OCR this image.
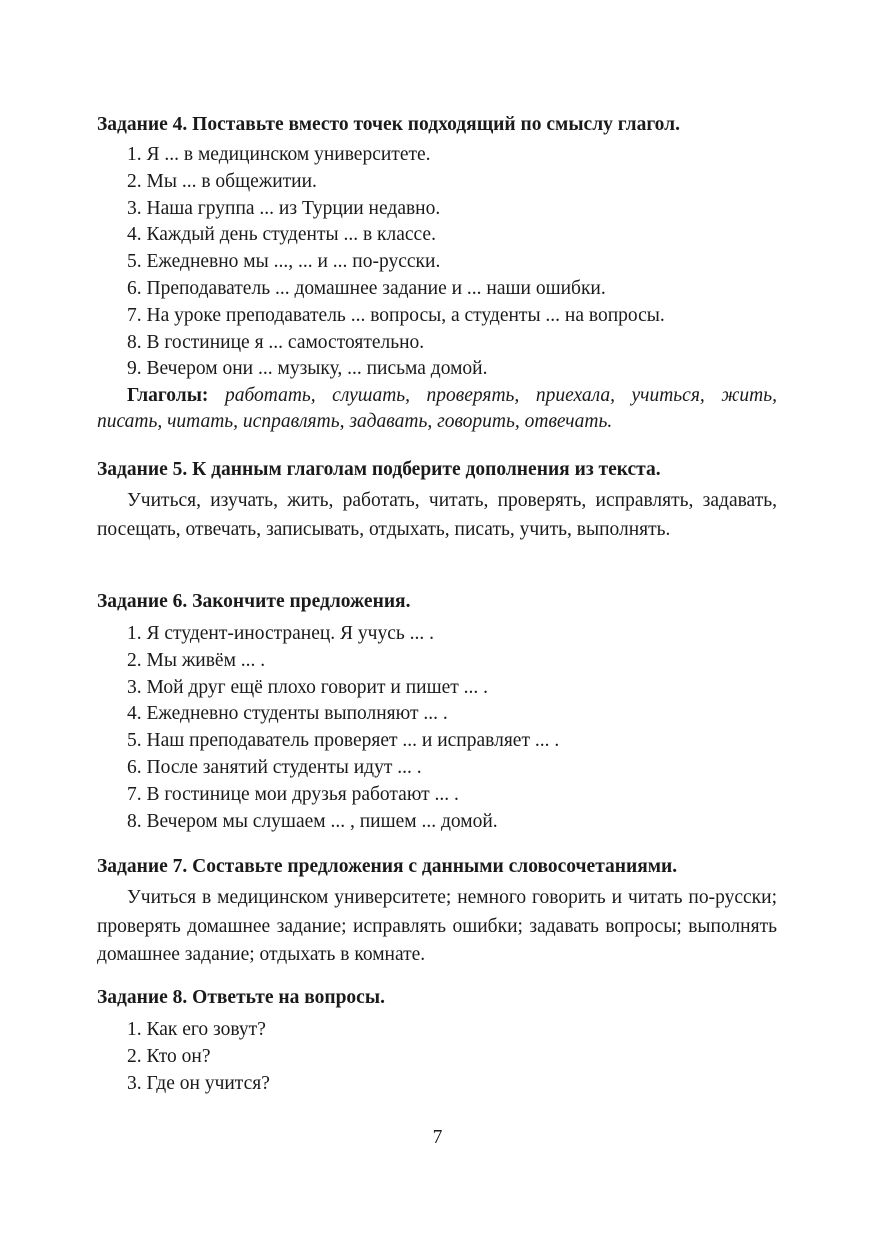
Задание 4. Поставьте вместо точек подходящий по смыслу глагол.

1. Я ... в медицинском университете.
2. Мы ... в общежитии.
3. Наша группа ... из Турции недавно.
4. Каждый день студенты ... в классе.
5. Ежедневно мы ..., ... и ... по-русски.
6. Преподаватель ... домашнее задание и ... наши ошибки.
7. На уроке преподаватель ... вопросы, а студенты ... на вопросы.
8. В гостинице я ... самостоятельно.
9. Вечером они ... музыку, ... письма домой.

Глаголы: работать, слушать, проверять, приехала, учиться, жить, писать, читать, исправлять, задавать, говорить, отвечать.

Задание 5. К данным глаголам подберите дополнения из текста.

Учиться, изучать, жить, работать, читать, проверять, исправлять, задавать, посещать, отвечать, записывать, отдыхать, писать, учить, выполнять.

Задание 6. Закончите предложения.

1. Я студент-иностранец. Я учусь ... .
2. Мы живём ... .
3. Мой друг ещё плохо говорит и пишет ... .
4. Ежедневно студенты выполняют ... .
5. Наш преподаватель проверяет ... и исправляет ... .
6. После занятий студенты идут ... .
7. В гостинице мои друзья работают ... .
8. Вечером мы слушаем ... , пишем ... домой.

Задание 7. Составьте предложения с данными словосочетаниями.

Учиться в медицинском университете; немного говорить и читать по-русски; проверять домашнее задание; исправлять ошибки; задавать вопросы; выполнять домашнее задание; отдыхать в комнате.

Задание 8. Ответьте на вопросы.

1. Как его зовут?
2. Кто он?
3. Где он учится?
7
